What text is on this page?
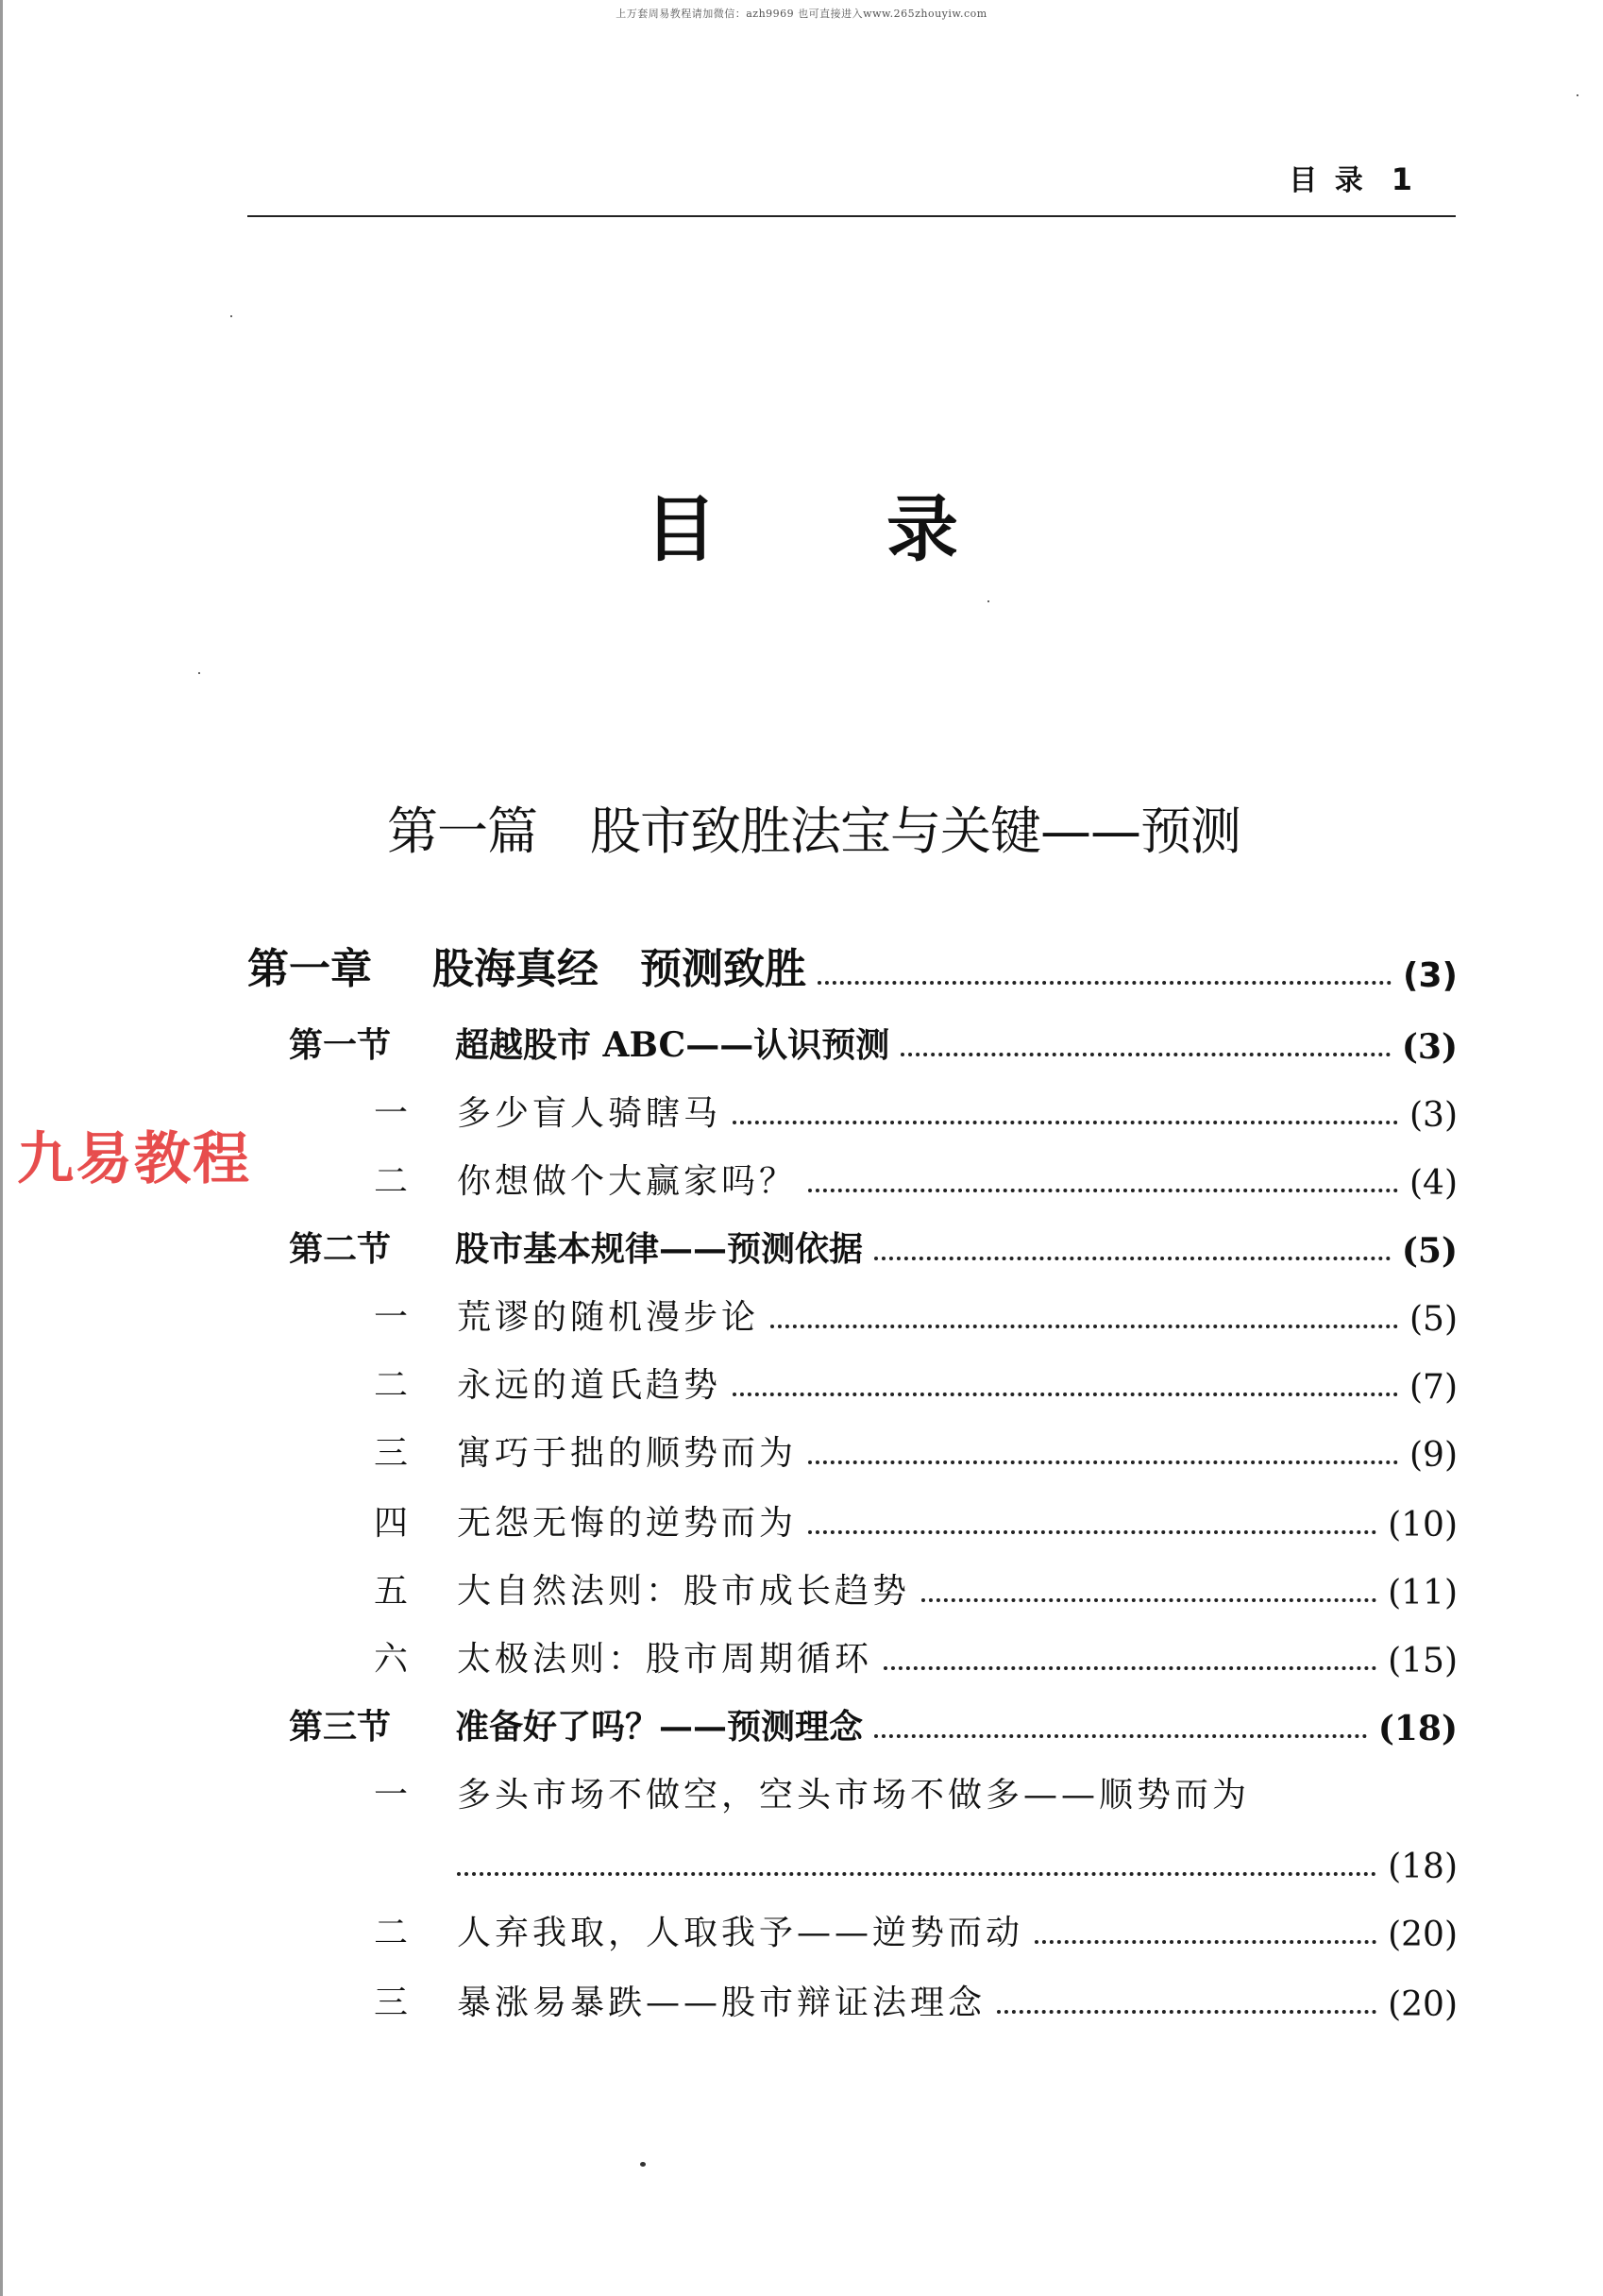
上万套周易教程请加微信：azh9969 也可直接进入www.265zhouyiw.com
目 录 1
目录
第一篇 股市致胜法宝与关键——预测
九易教程
第一章	股海真经　预测致胜	(3)
第一节	超越股市 ABC——认识预测	(3)
一	多少盲人骑瞎马	(3)
二	你想做个大赢家吗？	(4)
第二节	股市基本规律——预测依据	(5)
一	荒谬的随机漫步论	(5)
二	永远的道氏趋势	(7)
三	寓巧于拙的顺势而为	(9)
四	无怨无悔的逆势而为	(10)
五	大自然法则：股市成长趋势	(11)
六	太极法则：股市周期循环	(15)
第三节	准备好了吗？——预测理念	(18)
一	多头市场不做空，空头市场不做多——顺势而为
(18)
二	人弃我取，人取我予——逆势而动	(20)
三	暴涨易暴跌——股市辩证法理念	(20)
